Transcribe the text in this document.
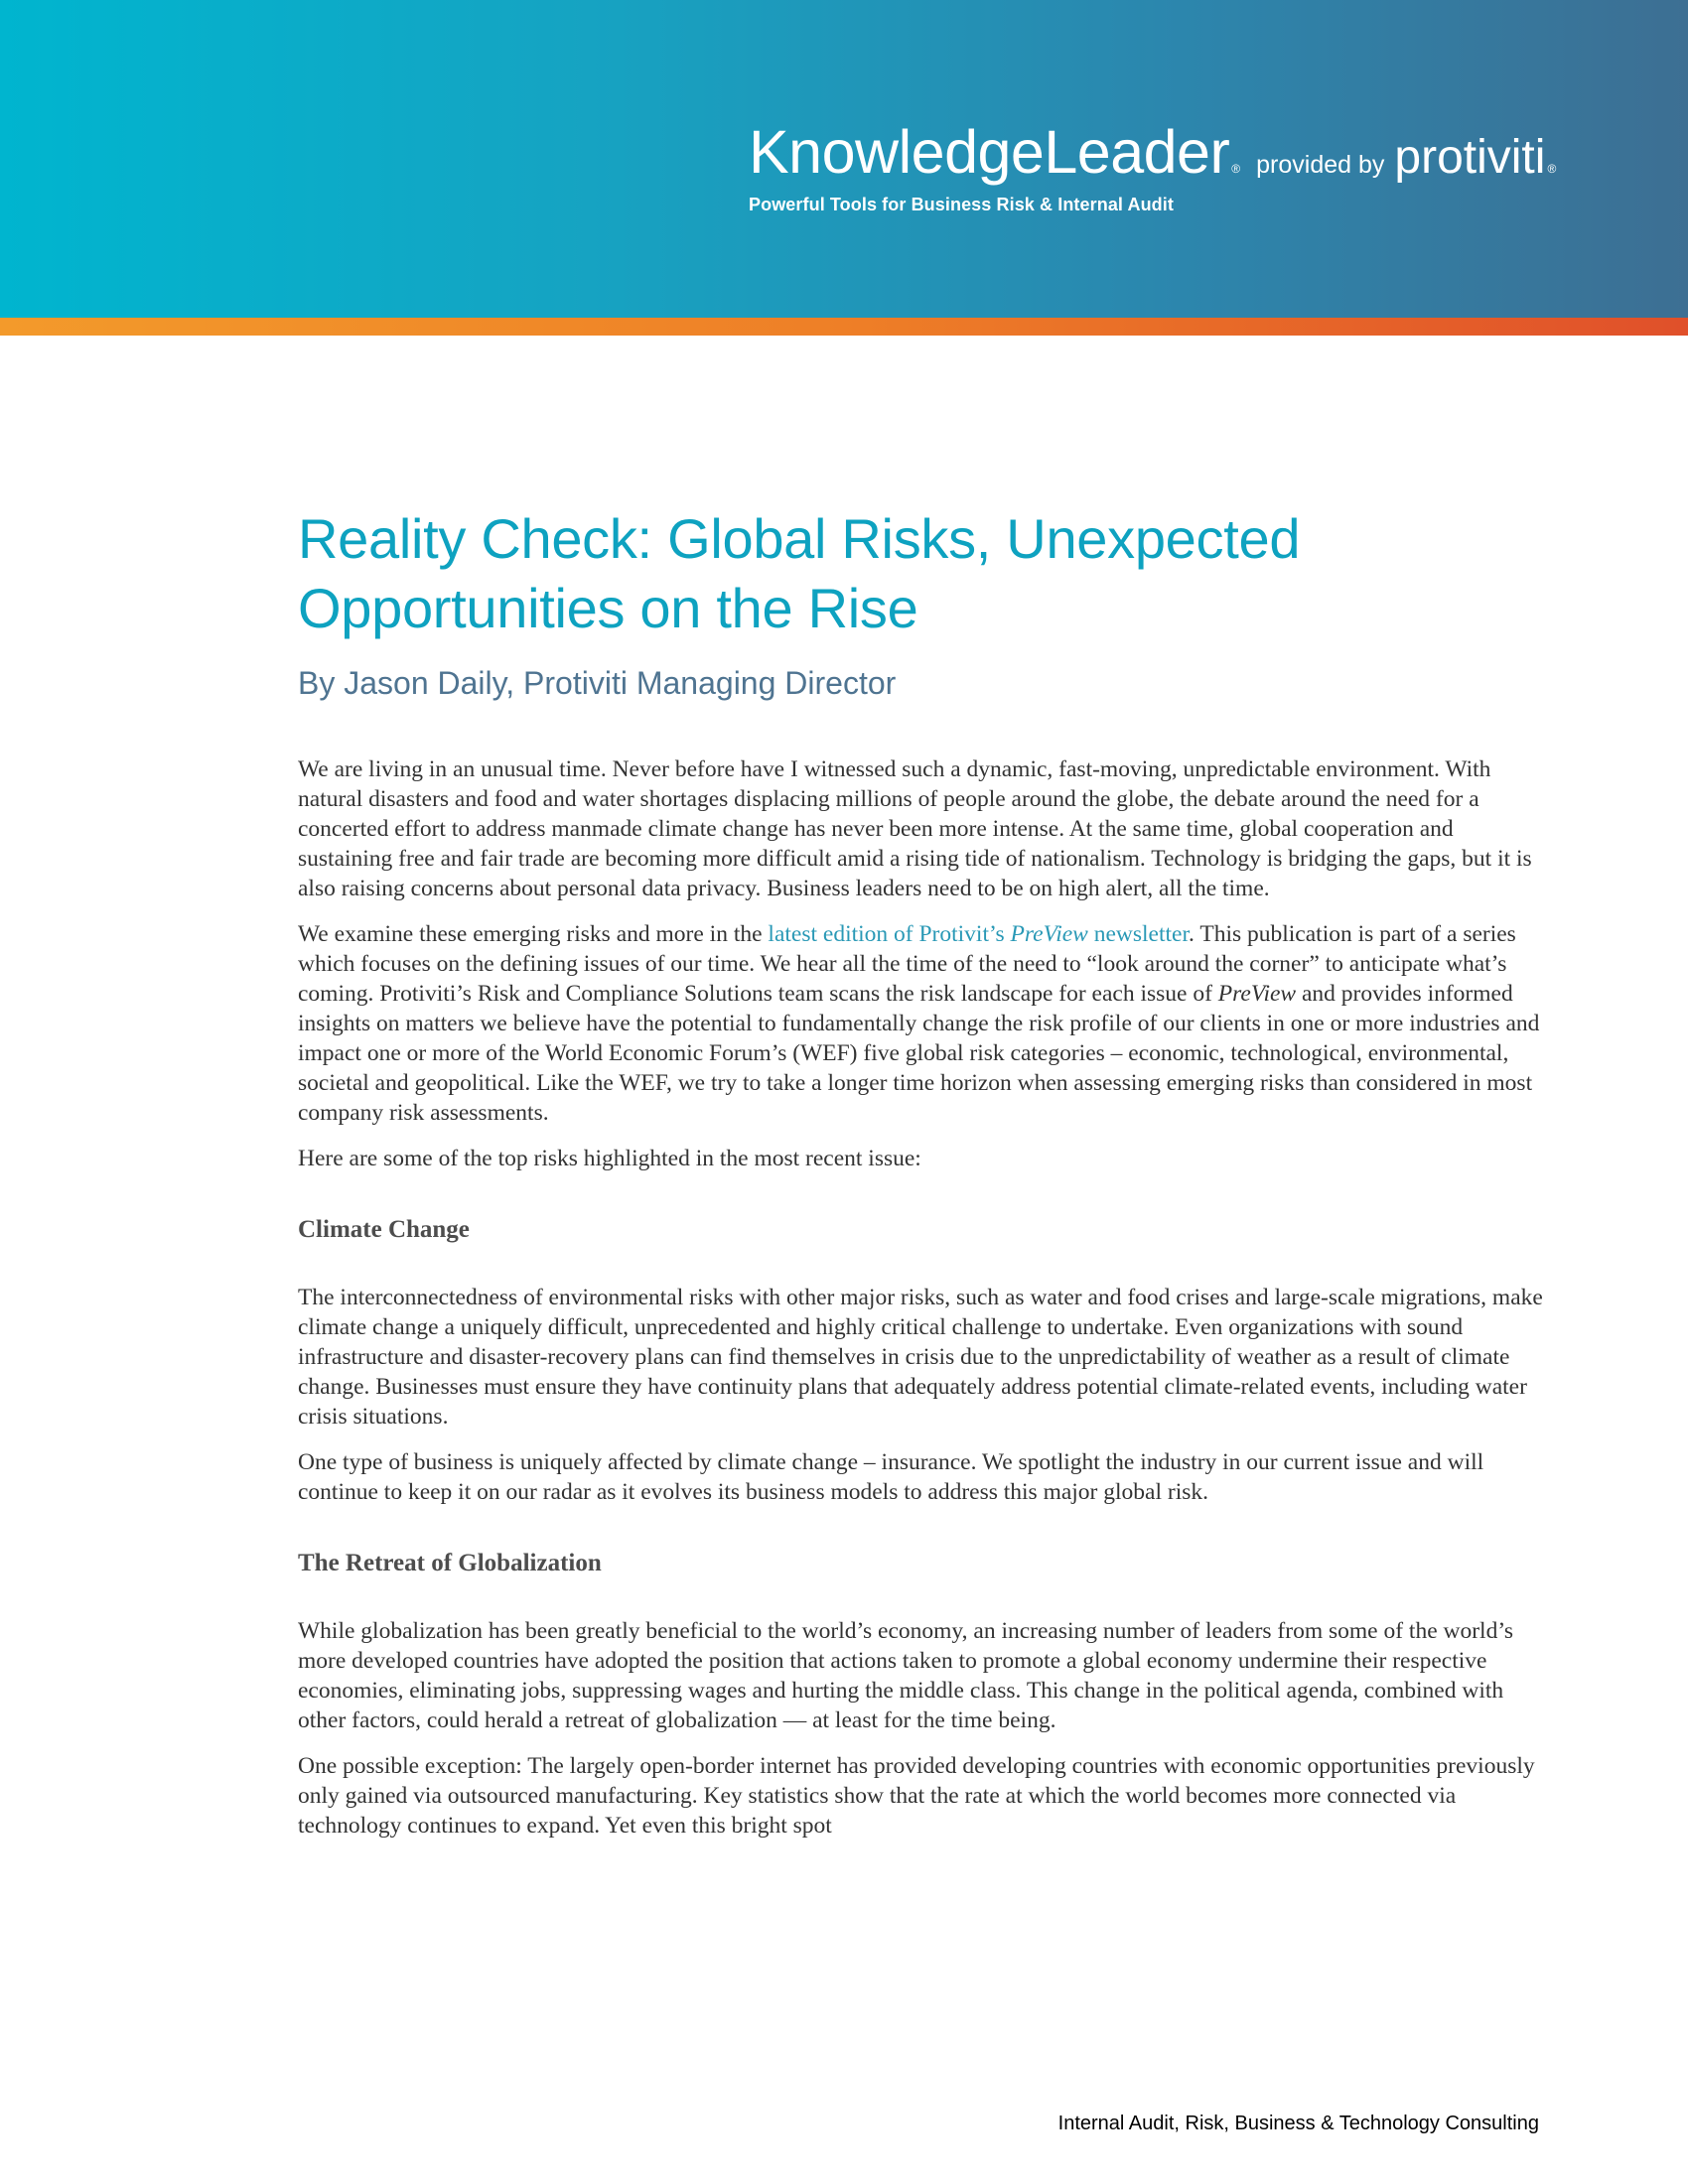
KnowledgeLeader ® provided by protiviti ®
Powerful Tools for Business Risk & Internal Audit
Reality Check: Global Risks, Unexpected Opportunities on the Rise
By Jason Daily, Protiviti Managing Director

We are living in an unusual time. Never before have I witnessed such a dynamic, fast-moving, unpredictable environment. With natural disasters and food and water shortages displacing millions of people around the globe, the debate around the need for a concerted effort to address manmade climate change has never been more intense. At the same time, global cooperation and sustaining free and fair trade are becoming more difficult amid a rising tide of nationalism. Technology is bridging the gaps, but it is also raising concerns about personal data privacy. Business leaders need to be on high alert, all the time.

We examine these emerging risks and more in the latest edition of Protivit’s PreView newsletter. This publication is part of a series which focuses on the defining issues of our time. We hear all the time of the need to “look around the corner” to anticipate what’s coming. Protiviti’s Risk and Compliance Solutions team scans the risk landscape for each issue of PreView and provides informed insights on matters we believe have the potential to fundamentally change the risk profile of our clients in one or more industries and impact one or more of the World Economic Forum’s (WEF) five global risk categories – economic, technological, environmental, societal and geopolitical. Like the WEF, we try to take a longer time horizon when assessing emerging risks than considered in most company risk assessments.

Here are some of the top risks highlighted in the most recent issue:

Climate Change

The interconnectedness of environmental risks with other major risks, such as water and food crises and large-scale migrations, make climate change a uniquely difficult, unprecedented and highly critical challenge to undertake. Even organizations with sound infrastructure and disaster-recovery plans can find themselves in crisis due to the unpredictability of weather as a result of climate change. Businesses must ensure they have continuity plans that adequately address potential climate-related events, including water crisis situations.

One type of business is uniquely affected by climate change – insurance. We spotlight the industry in our current issue and will continue to keep it on our radar as it evolves its business models to address this major global risk.

The Retreat of Globalization

While globalization has been greatly beneficial to the world’s economy, an increasing number of leaders from some of the world’s more developed countries have adopted the position that actions taken to promote a global economy undermine their respective economies, eliminating jobs, suppressing wages and hurting the middle class. This change in the political agenda, combined with other factors, could herald a retreat of globalization — at least for the time being.

One possible exception: The largely open-border internet has provided developing countries with economic opportunities previously only gained via outsourced manufacturing. Key statistics show that the rate at which the world becomes more connected via technology continues to expand. Yet even this bright spot

Internal Audit, Risk, Business & Technology Consulting
